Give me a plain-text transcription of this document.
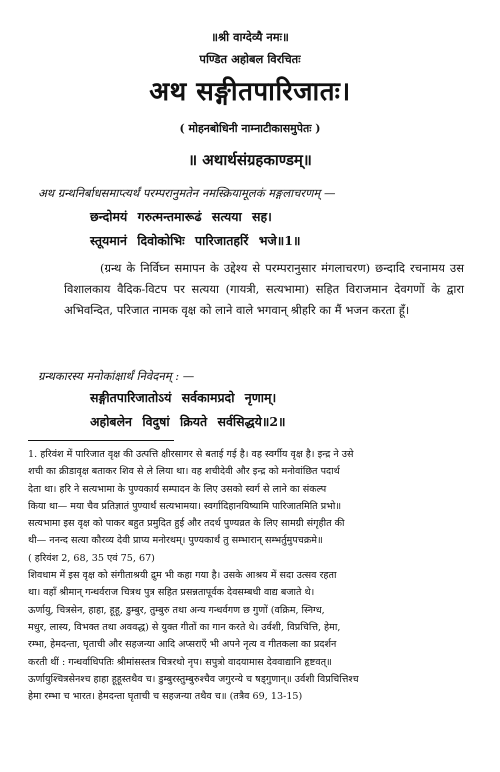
॥श्री वाग्देव्यै नमः॥
पण्डित अहोबल विरचितः
अथ सङ्गीतपारिजातः।
( मोहनबोधिनी नाम्नाटीकासमुपेतः )
॥ अथार्थसंग्रहकाण्डम्॥
अथ ग्रन्थनिर्बाधसमाप्त्यर्थं परम्परानुमतेन नमस्क्रियामूलकं मङ्गलाचरणम् —
छन्दोमयं गरुत्मन्तमारूढं सत्यया सह।
स्तूयमानं दिवोकोभिः पारिजातहरिं भजे॥1॥

(ग्रन्थ के निर्विघ्न समापन के उद्देश्य से परम्परानुसार मंगलाचरण) छन्दादि रचनामय उस विशालकाय वैदिक-विटप पर सत्यया (गायत्री, सत्यभामा) सहित विराजमान देवगणों के द्वारा अभिवन्दित, परिजात नामक वृक्ष को लाने वाले भगवान् श्रीहरि का मैं भजन करता हूँ।

ग्रन्थकारस्य मनोकांक्षार्थं निवेदनम् : —
सङ्गीतपारिजातोऽयं सर्वकामप्रदो नृणाम्।
अहोबलेन विदुषां क्रियते सर्वसिद्धये॥2॥
1. हरिवंश में पारिजात वृक्ष की उत्पत्ति क्षीरसागर से बताई गई है। वह स्वर्गीय वृक्ष है। इन्द्र ने उसे
शची का क्रीडावृक्ष बताकर शिव से ले लिया था। वह शचीदेवी और इन्द्र को मनोवांछित पदार्थ
देता था। हरि ने सत्यभामा के पुण्यकार्य सम्पादन के लिए उसको स्वर्ग से लाने का संकल्प
किया था— मया चैव प्रतिज्ञातं पुण्यार्थं सत्यभामया। स्वर्गादिहानयिष्यामि पारिजातमिति प्रभो॥
सत्यभामा इस वृक्ष को पाकर बहुत प्रमुदित हुई और तदर्थ पुण्यव्रत के लिए सामग्री संगृहीत की
थी— ननन्द सत्या कौरव्य देवी प्राप्य मनोरथम्। पुण्यकार्थं तु सम्भारान् सम्भर्तुमुपचक्रमे॥
( हरिवंश 2, 68, 35 एवं 75, 67)
शिवधाम में इस वृक्ष को संगीताश्रयी द्रुम भी कहा गया है। उसके आश्रय में सदा उत्सव रहता
था। वहाँ श्रीमान् गन्धर्वराज चित्रथ पुत्र सहित प्रसन्नतापूर्वक देवसम्बधी वाद्य बजाते थे।
ऊर्णायु, चित्रसेन, हाहा, हूहू, डुम्बुर, तुम्बुरु तथा अन्य गन्धर्वगण छ गुणों (वक्रिम, स्निग्ध,
मधुर, लास्य, विभक्त तथा अववद्ध) से युक्त गीतों का गान करते थे। उर्वशी, विप्रचित्ति, हेमा,
रम्भा, हेमदन्ता, घृताची और सहजन्या आदि अप्सराएँ भी अपने नृत्य व गीतकला का प्रदर्शन
करती थीं : गन्धर्वाधिपतिः श्रीमांसस्तत्र चित्ररथो नृप। सपुत्रो वादयामास देववाद्यानि हृष्टवत्॥
ऊर्णायुश्चित्रसेनश्च हाहा हूहूस्तथैव च। डुम्बुरस्तुम्बुरुश्चैव जगुरन्ये च षड्गुणान्॥ उर्वशी विप्रचित्तिश्च
हेमा रम्भा च भारत। हेमदन्ता घृताची च सहजन्या तथैव च॥ (तत्रैव 69, 13-15)
